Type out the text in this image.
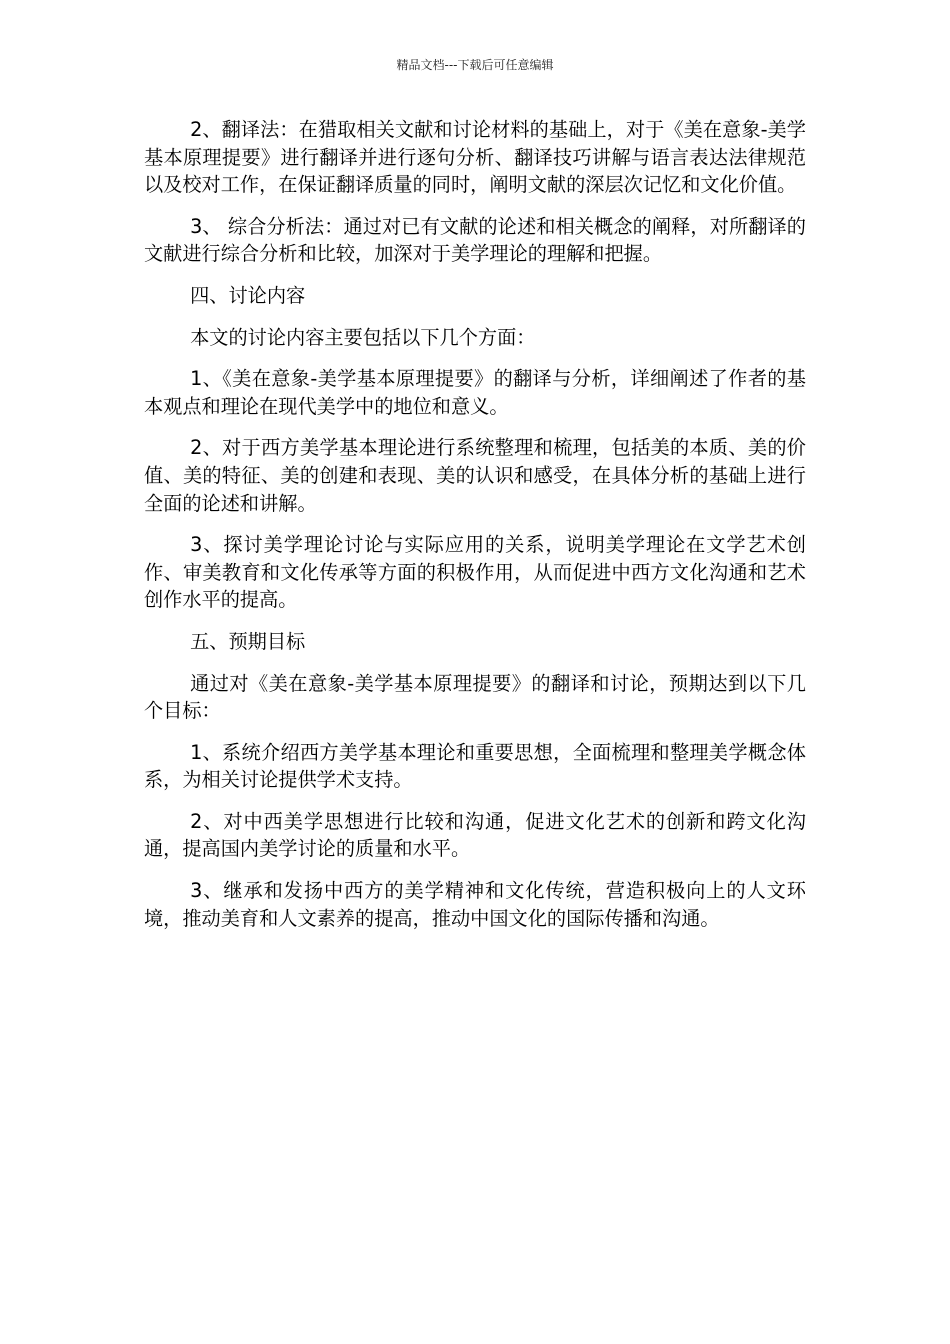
精品文档---下载后可任意编辑

2、翻译法：在猎取相关文献和讨论材料的基础上，对于《美在意象-美学基本原理提要》进行翻译并进行逐句分析、翻译技巧讲解与语言表达法律规范以及校对工作，在保证翻译质量的同时，阐明文献的深层次记忆和文化价值。

3、 综合分析法：通过对已有文献的论述和相关概念的阐释，对所翻译的文献进行综合分析和比较，加深对于美学理论的理解和把握。

四、讨论内容

本文的讨论内容主要包括以下几个方面：

1、《美在意象-美学基本原理提要》的翻译与分析，详细阐述了作者的基本观点和理论在现代美学中的地位和意义。

2、对于西方美学基本理论进行系统整理和梳理，包括美的本质、美的价值、美的特征、美的创建和表现、美的认识和感受，在具体分析的基础上进行全面的论述和讲解。

3、探讨美学理论讨论与实际应用的关系，说明美学理论在文学艺术创作、审美教育和文化传承等方面的积极作用，从而促进中西方文化沟通和艺术创作水平的提高。

五、预期目标

通过对《美在意象-美学基本原理提要》的翻译和讨论，预期达到以下几个目标：

1、系统介绍西方美学基本理论和重要思想，全面梳理和整理美学概念体系，为相关讨论提供学术支持。

2、对中西美学思想进行比较和沟通，促进文化艺术的创新和跨文化沟通，提高国内美学讨论的质量和水平。

3、继承和发扬中西方的美学精神和文化传统，营造积极向上的人文环境，推动美育和人文素养的提高，推动中国文化的国际传播和沟通。
